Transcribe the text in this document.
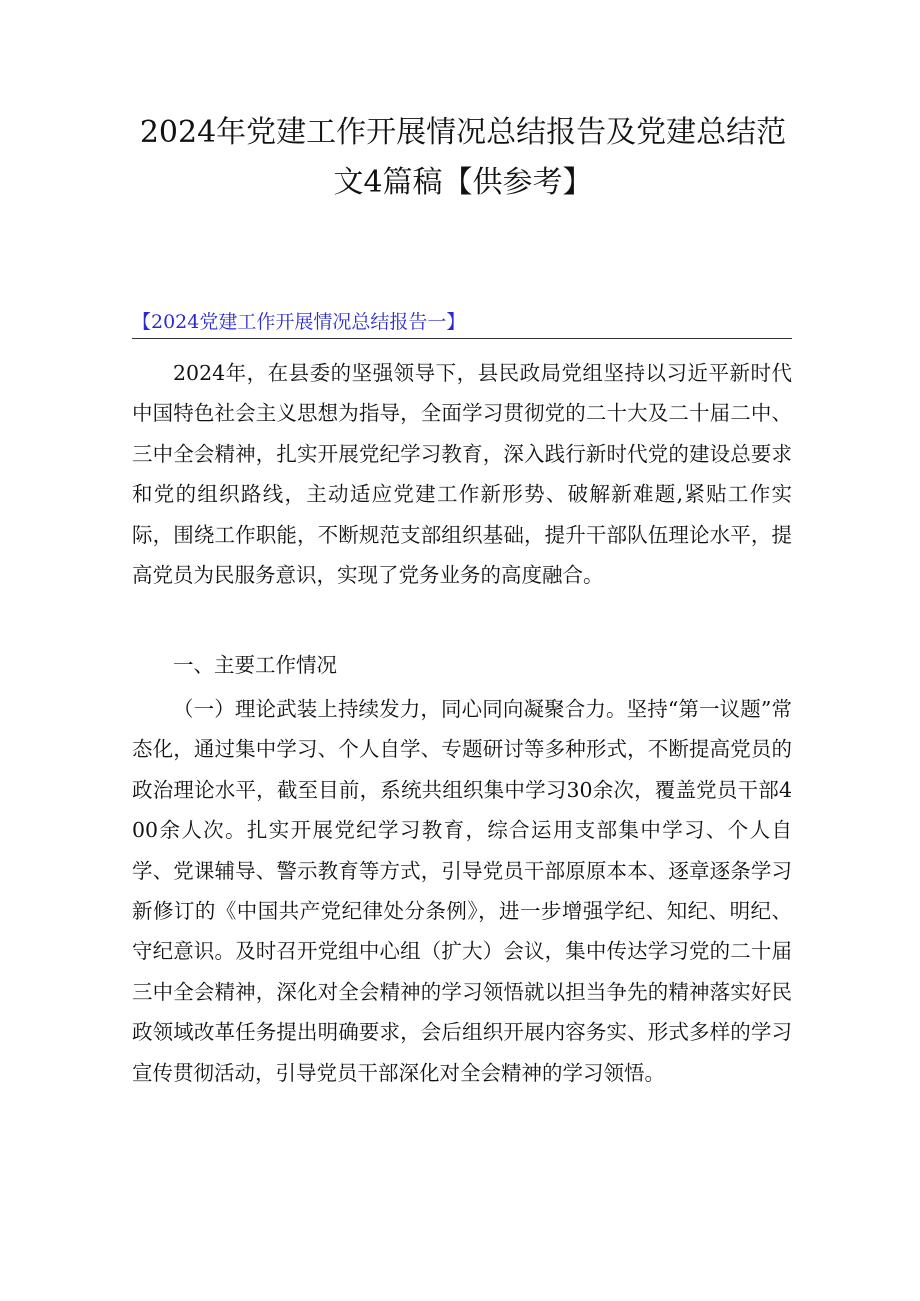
2024年党建工作开展情况总结报告及党建总结范文4篇稿【供参考】
【2024党建工作开展情况总结报告一】

2024年，在县委的坚强领导下，县民政局党组坚持以习近平新时代中国特色社会主义思想为指导，全面学习贯彻党的二十大及二十届二中、三中全会精神，扎实开展党纪学习教育，深入践行新时代党的建设总要求和党的组织路线，主动适应党建工作新形势、破解新难题,紧贴工作实际，围绕工作职能，不断规范支部组织基础，提升干部队伍理论水平，提高党员为民服务意识，实现了党务业务的高度融合。

一、主要工作情况

（一）理论武装上持续发力，同心同向凝聚合力。坚持“第一议题”常态化，通过集中学习、个人自学、专题研讨等多种形式，不断提高党员的政治理论水平，截至目前，系统共组织集中学习30余次，覆盖党员干部400余人次。扎实开展党纪学习教育，综合运用支部集中学习、个人自学、党课辅导、警示教育等方式，引导党员干部原原本本、逐章逐条学习新修订的《中国共产党纪律处分条例》，进一步增强学纪、知纪、明纪、守纪意识。及时召开党组中心组（扩大）会议，集中传达学习党的二十届三中全会精神，深化对全会精神的学习领悟就以担当争先的精神落实好民政领域改革任务提出明确要求，会后组织开展内容务实、形式多样的学习宣传贯彻活动，引导党员干部深化对全会精神的学习领悟。
